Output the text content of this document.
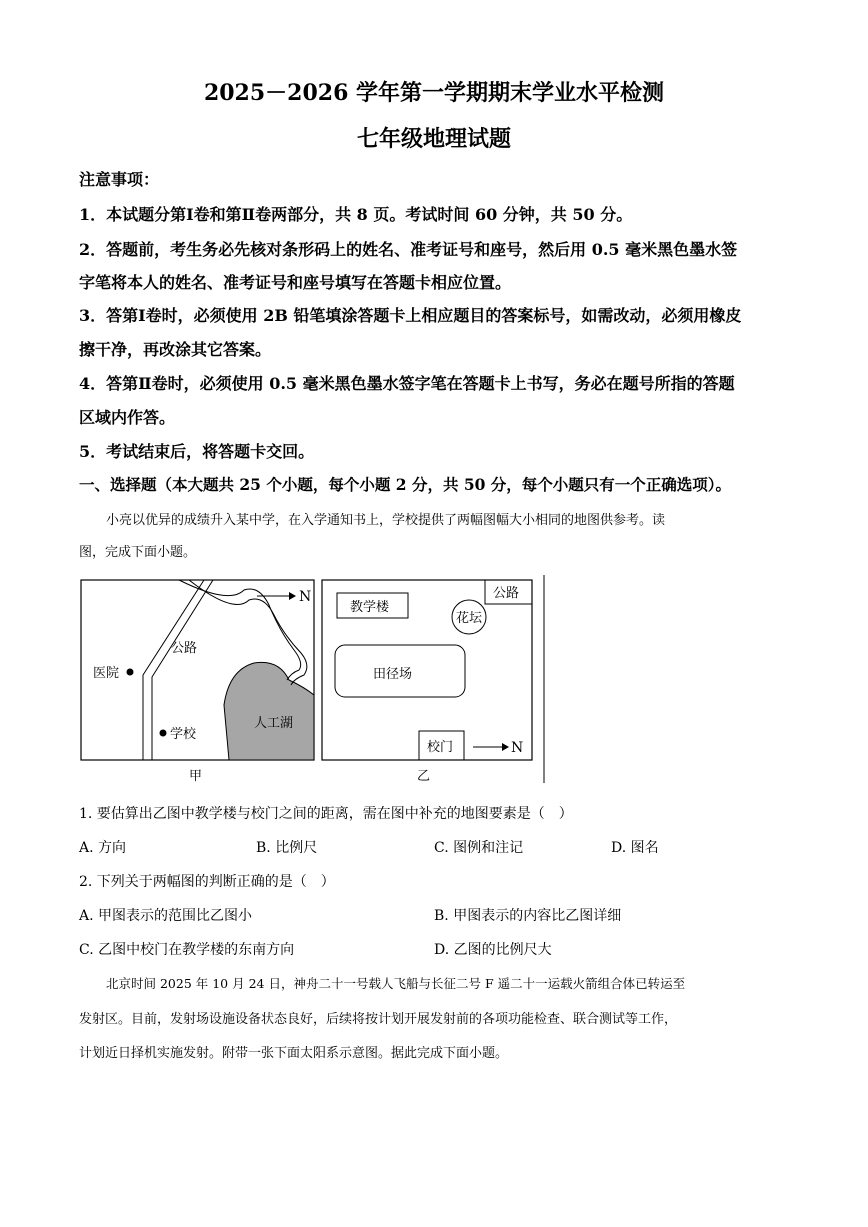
2025－2026 学年第一学期期末学业水平检测
七年级地理试题
注意事项：
1．本试题分第Ⅰ卷和第Ⅱ卷两部分，共 8 页。考试时间 60 分钟，共 50 分。
2．答题前，考生务必先核对条形码上的姓名、准考证号和座号，然后用 0.5 毫米黑色墨水签
字笔将本人的姓名、准考证号和座号填写在答题卡相应位置。
3．答第Ⅰ卷时，必须使用 2B 铅笔填涂答题卡上相应题目的答案标号，如需改动，必须用橡皮
擦干净，再改涂其它答案。
4．答第Ⅱ卷时，必须使用 0.5 毫米黑色墨水签字笔在答题卡上书写，务必在题号所指的答题
区域内作答。
5．考试结束后，将答题卡交回。
一、选择题（本大题共 25 个小题，每个小题 2 分，共 50 分，每个小题只有一个正确选项）。
小亮以优异的成绩升入某中学，在入学通知书上，学校提供了两幅图幅大小相同的地图供参考。读
图，完成下面小题。
N
公路
医院
学校
人工湖
甲
教学楼
公路
花坛
田径场
校门	N
乙
1. 要估算出乙图中教学楼与校门之间的距离，需在图中补充的地图要素是（　）
A. 方向	B. 比例尺	C. 图例和注记	D. 图名
2. 下列关于两幅图的判断正确的是（　）
A. 甲图表示的范围比乙图小	B. 甲图表示的内容比乙图详细
C. 乙图中校门在教学楼的东南方向	D. 乙图的比例尺大
北京时间 2025 年 10 月 24 日，神舟二十一号载人飞船与长征二号 F 遥二十一运载火箭组合体已转运至
发射区。目前，发射场设施设备状态良好，后续将按计划开展发射前的各项功能检查、联合测试等工作，
计划近日择机实施发射。附带一张下面太阳系示意图。据此完成下面小题。
